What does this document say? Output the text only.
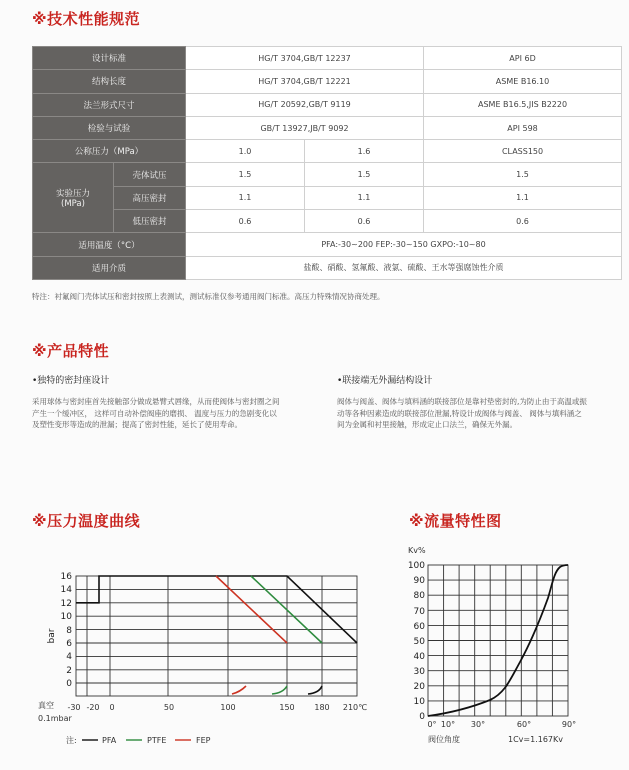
※技术性能规范
设计标准		HG/T 3704,GB/T 12237		API 6D
结构长度		HG/T 3704,GB/T 12221		ASME B16.10
法兰形式尺寸		HG/T 20592,GB/T 9119		ASME B16.5,JIS B2220
检验与试验		GB/T 13927,JB/T 9092		API 598
公称压力（MPa）		1.0	1.6	CLASS150

实验压力
(MPa)	壳体试压	1.5	1.5	1.5
	高压密封	1.1	1.1	1.1
	低压密封	0.6	0.6	0.6
适用温度（°C）		PFA:-30~200 FEP:-30~150 GXPO:-10~80		
适用介质		盐酸、硝酸、氢氟酸、液氯、硫酸、王水等强腐蚀性介质		
特注：衬氟阀门壳体试压和密封按照上表测试，测试标准仅参考通用阀门标准。高压力特殊情况协商处理。
※产品特性
•独特的密封座设计
采用球体与密封座首先接触部分做成悬臂式唇缘，从而使阀体与密封圈之间产生一个缓冲区， 这样可自动补偿阀座的磨损、 温度与压力的急剧变化以及塑性变形等造成的泄漏；提高了密封性能，延长了使用寿命。
•联接端无外漏结构设计
阀体与阀盖、阀体与填料涵的联接部位是靠衬垫密封的,为防止由于高温或振动等各种因素造成的联接部位泄漏,特设计成阀体与阀盖、 阀体与填料涵之间为金属和衬里接触，形成定止口法兰，确保无外漏。
※压力温度曲线	※流量特性图
16
14
12
10
8
6
4
2
0
bar
-30 -20 0	50	100	150 180 210℃
真空
0.1mbar
注:	PFA	PTFE	FEP
Kv%
100
90
80
70
60
50
40
30
20
10
0
0° 10° 30°	60°	90°
阀位角度	1Cv=1.167Kv
